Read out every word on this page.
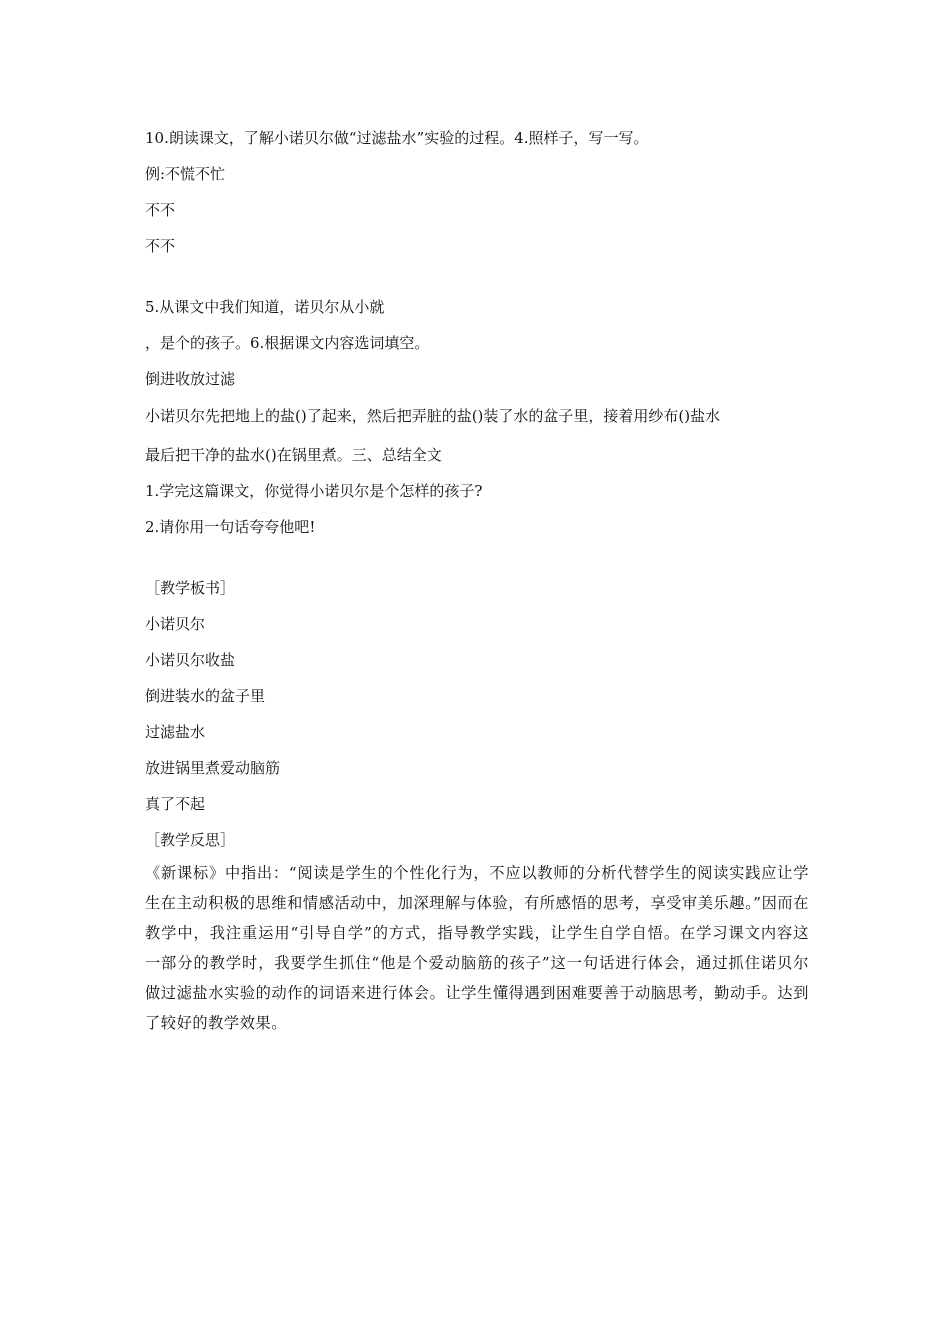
10.朗读课文，了解小诺贝尔做“过滤盐水”实验的过程。4.照样子，写一写。
例:不慌不忙
不不
不不
5.从课文中我们知道，诺贝尔从小就
，是个的孩子。6.根据课文内容选词填空。
倒进收放过滤
小诺贝尔先把地上的盐()了起来，然后把弄脏的盐()装了水的盆子里，接着用纱布()盐水
最后把干净的盐水()在锅里煮。三、总结全文
1.学完这篇课文，你觉得小诺贝尔是个怎样的孩子?
2.请你用一句话夸夸他吧!
［教学板书］
小诺贝尔
小诺贝尔收盐
倒进装水的盆子里
过滤盐水
放进锅里煮爱动脑筋
真了不起
［教学反思］
《新课标》中指出：“阅读是学生的个性化行为，不应以教师的分析代替学生的阅读实践应让学生在主动积极的思维和情感活动中，加深理解与体验，有所感悟的思考，享受审美乐趣。”因而在教学中，我注重运用“引导自学”的方式，指导教学实践，让学生自学自悟。在学习课文内容这一部分的教学时，我要学生抓住“他是个爱动脑筋的孩子”这一句话进行体会，通过抓住诺贝尔做过滤盐水实验的动作的词语来进行体会。让学生懂得遇到困难要善于动脑思考，勤动手。达到了较好的教学效果。
